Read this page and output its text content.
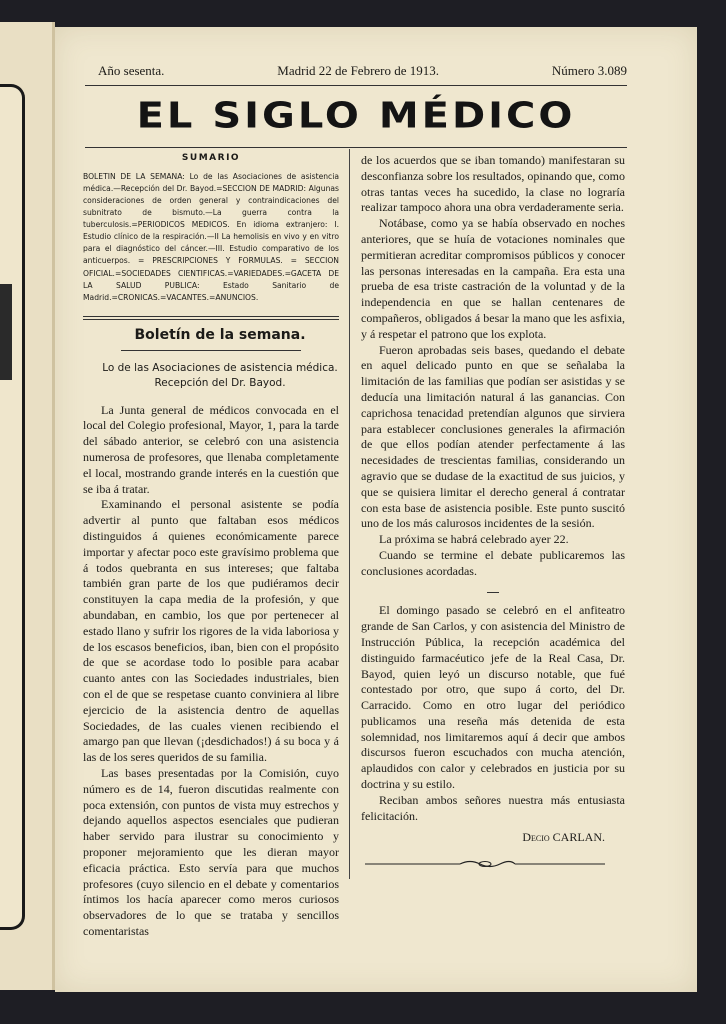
Año sesenta.	Madrid 22 de Febrero de 1913.	Número 3.089
EL SIGLO MÉDICO
SUMARIO
BOLETIN DE LA SEMANA: Lo de las Asociaciones de asistencia médica.—Recepción del Dr. Bayod.=SECCION DE MADRID: Algunas consideraciones de orden general y contraindicaciones del subnitrato de bismuto.—La guerra contra la tuberculosis.=PERIODICOS MEDICOS. En idioma extranjero: I. Estudio clínico de la respiración.—II La hemolisis en vivo y en vitro para el diagnóstico del cáncer.—III. Estudio comparativo de los anticuerpos. = PRESCRIPCIONES Y FORMULAS. = SECCION OFICIAL.=SOCIEDADES CIENTIFICAS.=VARIEDADES.=GACETA DE LA SALUD PUBLICA: Estado Sanitario de Madrid.=CRONICAS.=VACANTES.=ANUNCIOS.

Boletín de la semana.

Lo de las Asociaciones de asistencia médica.

Recepción del Dr. Bayod.

La Junta general de médicos convocada en el local del Colegio profesional, Mayor, 1, para la tarde del sábado anterior, se celebró con una asistencia numerosa de profesores, que llenaba completamente el local, mostrando grande interés en la cuestión que se iba á tratar.

Examinando el personal asistente se podía advertir al punto que faltaban esos médicos distinguidos á quienes económicamente parece importar y afectar poco este gravísimo problema que á todos quebranta en sus intereses; que faltaba también gran parte de los que pudiéramos decir constituyen la capa media de la profesión, y que abundaban, en cambio, los que por pertenecer al estado llano y sufrir los rigores de la vida laboriosa y de los escasos beneficios, iban, bien con el propósito de que se acordase todo lo posible para acabar cuanto antes con las Sociedades industriales, bien con el de que se respetase cuanto conviniera al libre ejercicio de la asistencia dentro de aquellas Sociedades, de las cuales vienen recibiendo el amargo pan que llevan (¡desdichados!) á su boca y á las de los seres queridos de su familia.

Las bases presentadas por la Comisión, cuyo número es de 14, fueron discutidas realmente con poca extensión, con puntos de vista muy estrechos y dejando aquellos aspectos esenciales que pudieran haber servido para ilustrar su conocimiento y proponer mejoramiento que les dieran mayor eficacia práctica. Esto servía para que muchos profesores (cuyo silencio en el debate y comentarios íntimos los hacía aparecer como meros curiosos observadores de lo que se trataba y sencillos comentaristas

de los acuerdos que se iban tomando) manifestaran su desconfianza sobre los resultados, opinando que, como otras tantas veces ha sucedido, la clase no lograría realizar tampoco ahora una obra verdaderamente seria.

Notábase, como ya se había observado en noches anteriores, que se huía de votaciones nominales que permitieran acreditar compromisos públicos y conocer las personas interesadas en la campaña. Era esta una prueba de esa triste castración de la voluntad y de la independencia en que se hallan centenares de compañeros, obligados á besar la mano que les asfixia, y á respetar el patrono que los explota.

Fueron aprobadas seis bases, quedando el debate en aquel delicado punto en que se señalaba la limitación de las familias que podían ser asistidas y se deducía una limitación natural á las ganancias. Con caprichosa tenacidad pretendían algunos que sirviera para establecer conclusiones generales la afirmación de que ellos podían atender perfectamente á las necesidades de trescientas familias, considerando un agravio que se dudase de la exactitud de sus juicios, y que se quisiera limitar el derecho general á contratar con esta base de asistencia posible. Este punto suscitó uno de los más calurosos incidentes de la sesión.

La próxima se habrá celebrado ayer 22.

Cuando se termine el debate publicaremos las conclusiones acordadas.

El domingo pasado se celebró en el anfiteatro grande de San Carlos, y con asistencia del Ministro de Instrucción Pública, la recepción académica del distinguido farmacéutico jefe de la Real Casa, Dr. Bayod, quien leyó un discurso notable, que fué contestado por otro, que supo á corto, del Dr. Carracido. Como en otro lugar del periódico publicamos una reseña más detenida de esta solemnidad, nos limitaremos aquí á decir que ambos discursos fueron escuchados con mucha atención, aplaudidos con calor y celebrados en justicia por su doctrina y su estilo.

Reciban ambos señores nuestra más entusiasta felicitación.

Decio CARLAN.
